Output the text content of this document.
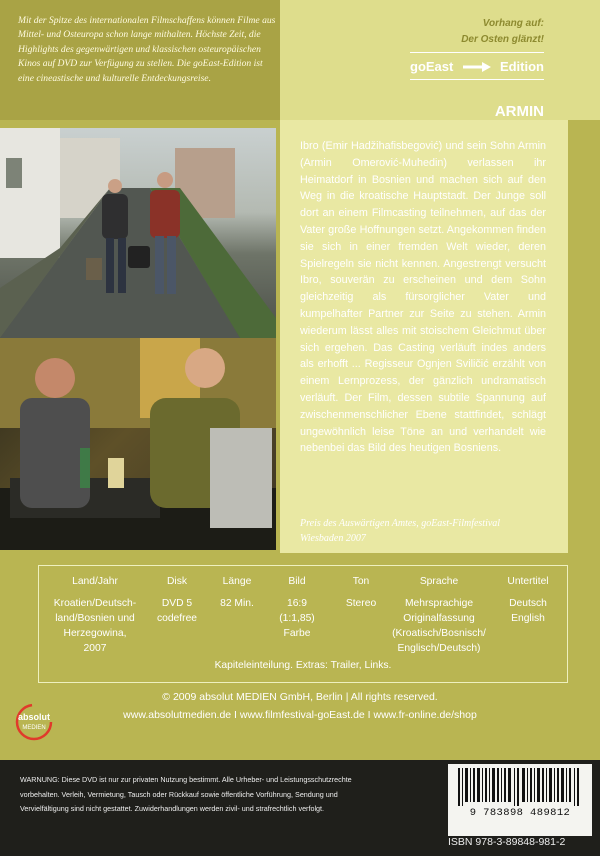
Mit der Spitze des internationalen Filmschaffens können Filme aus Mittel- und Osteuropa schon lange mithalten. Höchste Zeit, die Highlights des gegenwärtigen und klassischen osteuropäischen Kinos auf DVD zur Verfügung zu stellen. Die goEast-Edition ist eine cineastische und kulturelle Entdeckungsreise.

Vorhang auf:
Der Osten glänzt!
goEast	Edition
ARMIN

Ibro (Emir Hadžihafisbegović) und sein Sohn Armin (Armin Omerović-Muhedin) verlassen ihr Heimatdorf in Bosnien und machen sich auf den Weg in die kroatische Hauptstadt. Der Junge soll dort an einem Filmcasting teilnehmen, auf das der Vater große Hoffnungen setzt. Angekommen finden sie sich in einer fremden Welt wieder, deren Spielregeln sie nicht kennen. Angestrengt versucht Ibro, souverän zu erscheinen und dem Sohn gleichzeitig als fürsorglicher Vater und kumpelhafter Partner zur Seite zu stehen. Armin wiederum lässt alles mit stoischem Gleichmut über sich ergehen. Das Casting verläuft indes anders als erhofft ... Regisseur Ognjen Sviličić erzählt von einem Lernprozess, der gänzlich undramatisch verläuft. Der Film, dessen subtile Spannung auf zwischenmenschlicher Ebene stattfindet, schlägt ungewöhnlich leise Töne an und verhandelt wie nebenbei das Bild des heutigen Bosniens.

Preis des Auswärtigen Amtes, goEast-Filmfestival
Wiesbaden 2007
Land/Jahr
Kroatien/Deutsch-
land/Bosnien und
Herzegowina,
2007
Disk
DVD 5
codefree
Länge
82 Min.
Bild
16:9
(1:1,85)
Farbe
Ton
Stereo
Sprache
Mehrsprachige
Originalfassung
(Kroatisch/Bosnisch/
Englisch/Deutsch)
Untertitel
Deutsch
English
Kapiteleinteilung. Extras: Trailer, Links.
© 2009 absolut MEDIEN GmbH, Berlin | All rights reserved.
www.absolutmedien.de I www.filmfestival-goEast.de I www.fr-online.de/shop
absolut
MEDIEN
WARNUNG: Diese DVD ist nur zur privaten Nutzung bestimmt. Alle Urheber- und Leistungsschutzrechte
vorbehalten. Verleih, Vermietung, Tausch oder Rückkauf sowie öffentliche Vorführung, Sendung und
Vervielfältigung sind nicht gestattet. Zuwiderhandlungen werden zivil- und strafrechtlich verfolgt.	9 783898 489812
ISBN 978-3-89848-981-2
